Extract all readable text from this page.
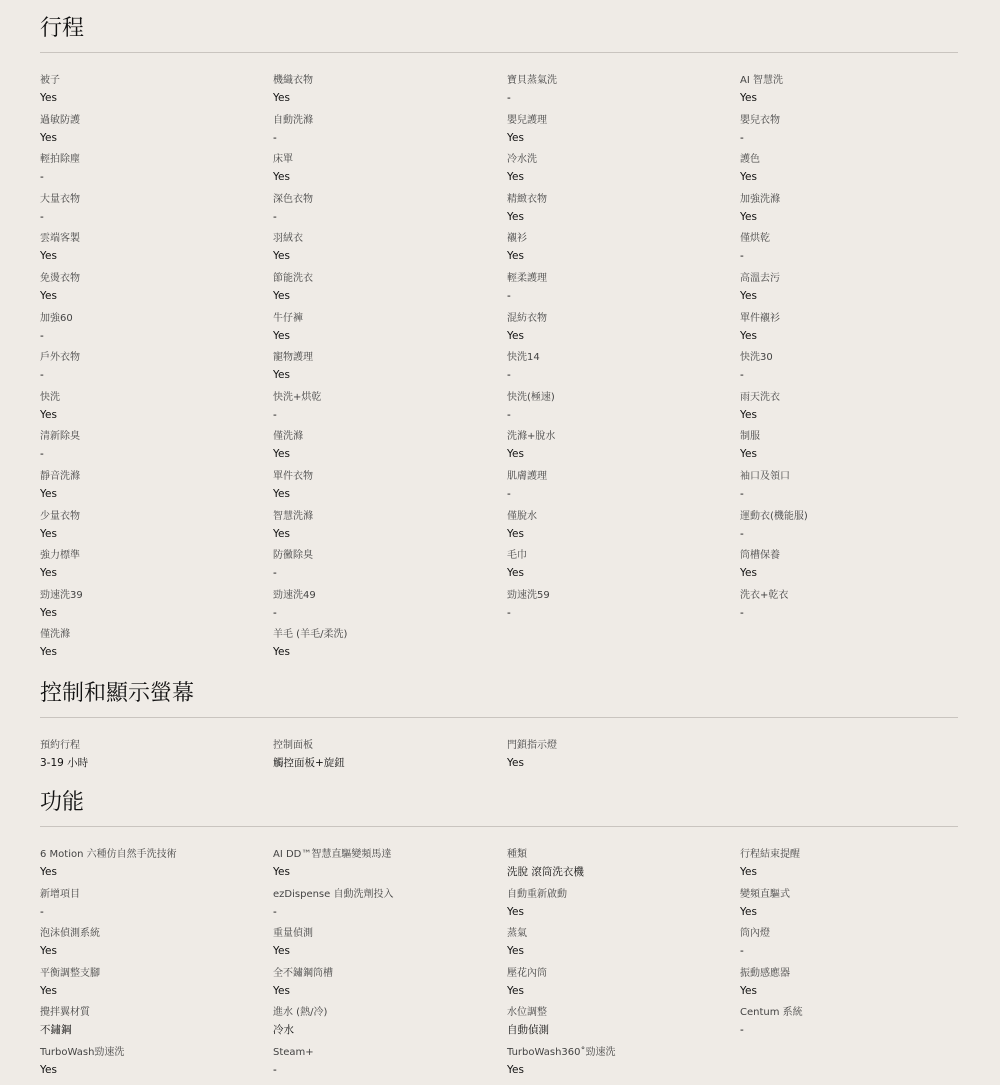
行程
被子
Yes
機織衣物
Yes
寶貝蒸氣洗
-
AI 智慧洗
Yes
過敏防護
Yes
自動洗滌
-
嬰兒護理
Yes
嬰兒衣物
-
輕拍除塵
-
床單
Yes
冷水洗
Yes
護色
Yes
大量衣物
-
深色衣物
-
精緻衣物
Yes
加強洗滌
Yes
雲端客製
Yes
羽絨衣
Yes
襯衫
Yes
僅烘乾
-
免燙衣物
Yes
節能洗衣
Yes
輕柔護理
-
高溫去污
Yes
加強60
-
牛仔褲
Yes
混紡衣物
Yes
單件襯衫
Yes
戶外衣物
-
寵物護理
Yes
快洗14
-
快洗30
-
快洗
Yes
快洗+烘乾
-
快洗(極速)
-
雨天洗衣
Yes
清新除臭
-
僅洗滌
Yes
洗滌+脫水
Yes
制服
Yes
靜音洗滌
Yes
單件衣物
Yes
肌膚護理
-
袖口及領口
-
少量衣物
Yes
智慧洗滌
Yes
僅脫水
Yes
運動衣(機能服)
-
強力標準
Yes
防黴除臭
-
毛巾
Yes
筒槽保養
Yes
勁速洗39
Yes
勁速洗49
-
勁速洗59
-
洗衣+乾衣
-
僅洗滌
Yes
羊毛 (羊毛/柔洗)
Yes
控制和顯示螢幕
預約行程
3-19 小時
控制面板
觸控面板+旋鈕
門鎖指示燈
Yes
功能
6 Motion 六種仿自然手洗技術
Yes
AI DD™智慧直驅變頻馬達
Yes
種類
洗脫 滾筒洗衣機
行程結束提醒
Yes
新增項目
-
ezDispense 自動洗劑投入
-
自動重新啟動
Yes
變頻直驅式
Yes
泡沫偵測系統
Yes
重量偵測
Yes
蒸氣
Yes
筒內燈
-
平衡調整支腳
Yes
全不鏽鋼筒槽
Yes
壓花內筒
Yes
振動感應器
Yes
攪拌翼材質
不鏽鋼
進水 (熱/冷)
冷水
水位調整
自動偵測
Centum 系統
-
TurboWash勁速洗
Yes
Steam+
-
TurboWash360˚勁速洗
Yes
